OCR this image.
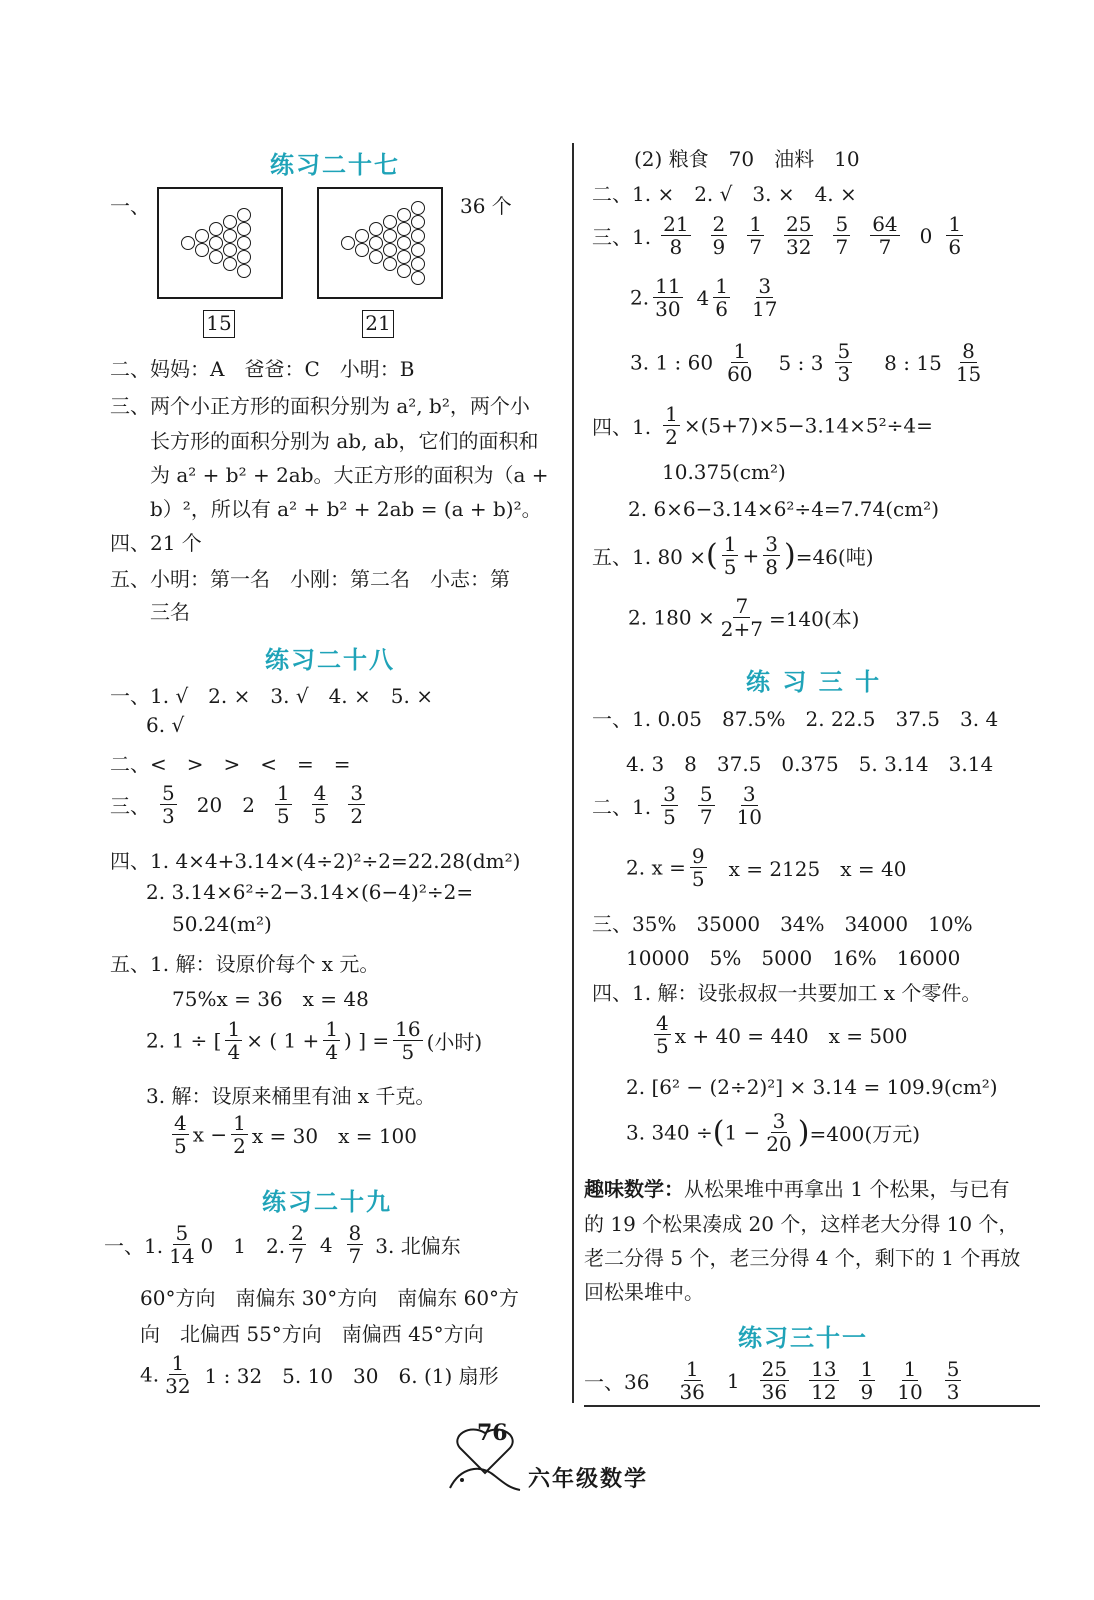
练习二十七
一、	36 个
15	21
二、妈妈：A　爸爸：C　小明：B
三、两个小正方形的面积分别为 a², b²，两个小
长方形的面积分别为 ab, ab，它们的面积和
为 a² + b² + 2ab。大正方形的面积为（a +
b）²，所以有 a² + b² + 2ab = (a + b)²。
四、21 个
五、小明：第一名　小刚：第二名　小志：第
三名
练习二十八
一、1. √　2. ×　3. √　4. ×　5. ×
6. √
二、<　>　>　<　=　=
三、 $\frac{5}{3} 20$ $2 \frac{1}{5} \frac{4}{5} \frac{3}{2}$
四、1. 4×4+3.14×(4÷2)²÷2=22.28(dm²)
2. 3.14×6²÷2−3.14×(6−4)²÷2=
50.24(m²)
五、1. 解：设原价每个 x 元。
75%x = 36　x = 48
2. 1 ÷ [ $\frac{1}{4}$ × ( $1 + \frac{1}{4}$ ) ] = $\frac{16}{5}$ (小时)
3. 解：设原来桶里有油 x 千克。
$\frac{4}{5}$ $x - \frac{1}{2}$ x = 30　x = 100
练习二十九
一、1. $\frac{5}{14} 0$　1　2. $\frac{2}{7} 4 \frac{8}{7} 3$. 北偏东
60°方向　南偏东 30°方向　南偏东 60°方
向　北偏西 55°方向　南偏西 45°方向
4. $\frac{1}{32} 1$ : 32　5. 10　30　6. (1) 扇形
(2) 粮食　70　油料　10
二、1. ×　2. √　3. ×　4. ×
三、1. $\frac{21}{8} \frac{2}{9} \frac{1}{7} \frac{25}{32} \frac{5}{7} \frac{64}{7} 0 \frac{1}{6}$
2. $\frac{11}{30} 4 \frac{1}{6} \frac{3}{17}$
3. 1 : $60 \frac{1}{60} 5$ : $3 \frac{5}{3} 8$ : $15 \frac{8}{15}$
四、1. $\frac{1}{2} \times(5+7)\times 5-3.14\times 5^2\div 4=$
10.375(cm²)
2. 6×6−3.14×6²÷4=7.74(cm²)
五、1. 80 ×( $\frac{1}{5} + \frac{3}{8} )=46$(吨)
2. $180 \times \frac{7}{2+7} =140$(本)
练 习 三 十
一、1. 0.05　87.5%　2. 22.5　37.5　3. 4
4. 3　8　37.5　0.375　5. 3.14　3.14
二、1. $\frac{3}{5} \frac{5}{7} \frac{3}{10}$
2. $x = \frac{9}{5}$ x = 2125　x = 40
三、35%　35000　34%　34000　10%
10000　5%　5000　16%　16000
四、1. 解：设张叔叔一共要加工 x 个零件。
$\frac{4}{5}$ x + 40 = 440　x = 500
2. [6² − (2÷2)²] × 3.14 = 109.9(cm²)
3. $340 \div(1 - \frac{3}{20} )=400$(万元)
趣味数学：从松果堆中再拿出 1 个松果，与已有
的 19 个松果凑成 20 个，这样老大分得 10 个，
老二分得 5 个，老三分得 4 个，剩下的 1 个再放
回松果堆中。
练习三十一
一、$36 \frac{1}{36} 1 \frac{25}{36} \frac{13}{12} \frac{1}{9} \frac{1}{10} \frac{5}{3}$
76
六年级数学
